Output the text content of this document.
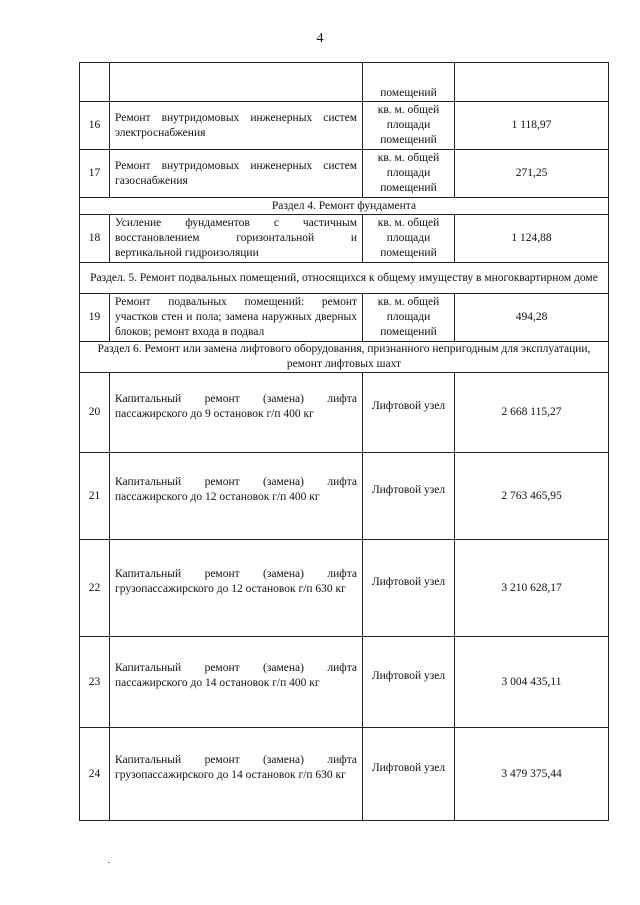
4
		помещений	
16	Ремонт внутридомовых инженерных систем электроснабжения	кв. м. общей площади помещений	1 118,97
17	Ремонт внутридомовых инженерных систем газоснабжения	кв. м. общей площади помещений	271,25
Раздел 4. Ремонт фундамента			
18	Усиление фундаментов с частичным восстановлением горизонтальной и вертикальной гидроизоляции	кв. м. общей площади помещений	1 124,88
Раздел. 5. Ремонт подвальных помещений, относящихся к общему имуществу в многоквартирном доме			
19	Ремонт подвальных помещений: ремонт участков стен и пола; замена наружных дверных блоков; ремонт входа в подвал	кв. м. общей площади помещений	494,28
Раздел 6. Ремонт или замена лифтового оборудования, признанного непригодным для эксплуатации, ремонт лифтовых шахт			
20	Капитальный ремонт (замена) лифта пассажирского до 9 остановок г/п 400 кг	Лифтовой узел	2 668 115,27
21	Капитальный ремонт (замена) лифта пассажирского до 12 остановок г/п 400 кг	Лифтовой узел	2 763 465,95
22	Капитальный ремонт (замена) лифта грузопассажирского до 12 остановок г/п 630 кг	Лифтовой узел	3 210 628,17
23	Капитальный ремонт (замена) лифта пассажирского до 14 остановок г/п 400 кг	Лифтовой узел	3 004 435,11
24	Капитальный ремонт (замена) лифта грузопассажирского до 14 остановок г/п 630 кг	Лифтовой узел	3 479 375,44
